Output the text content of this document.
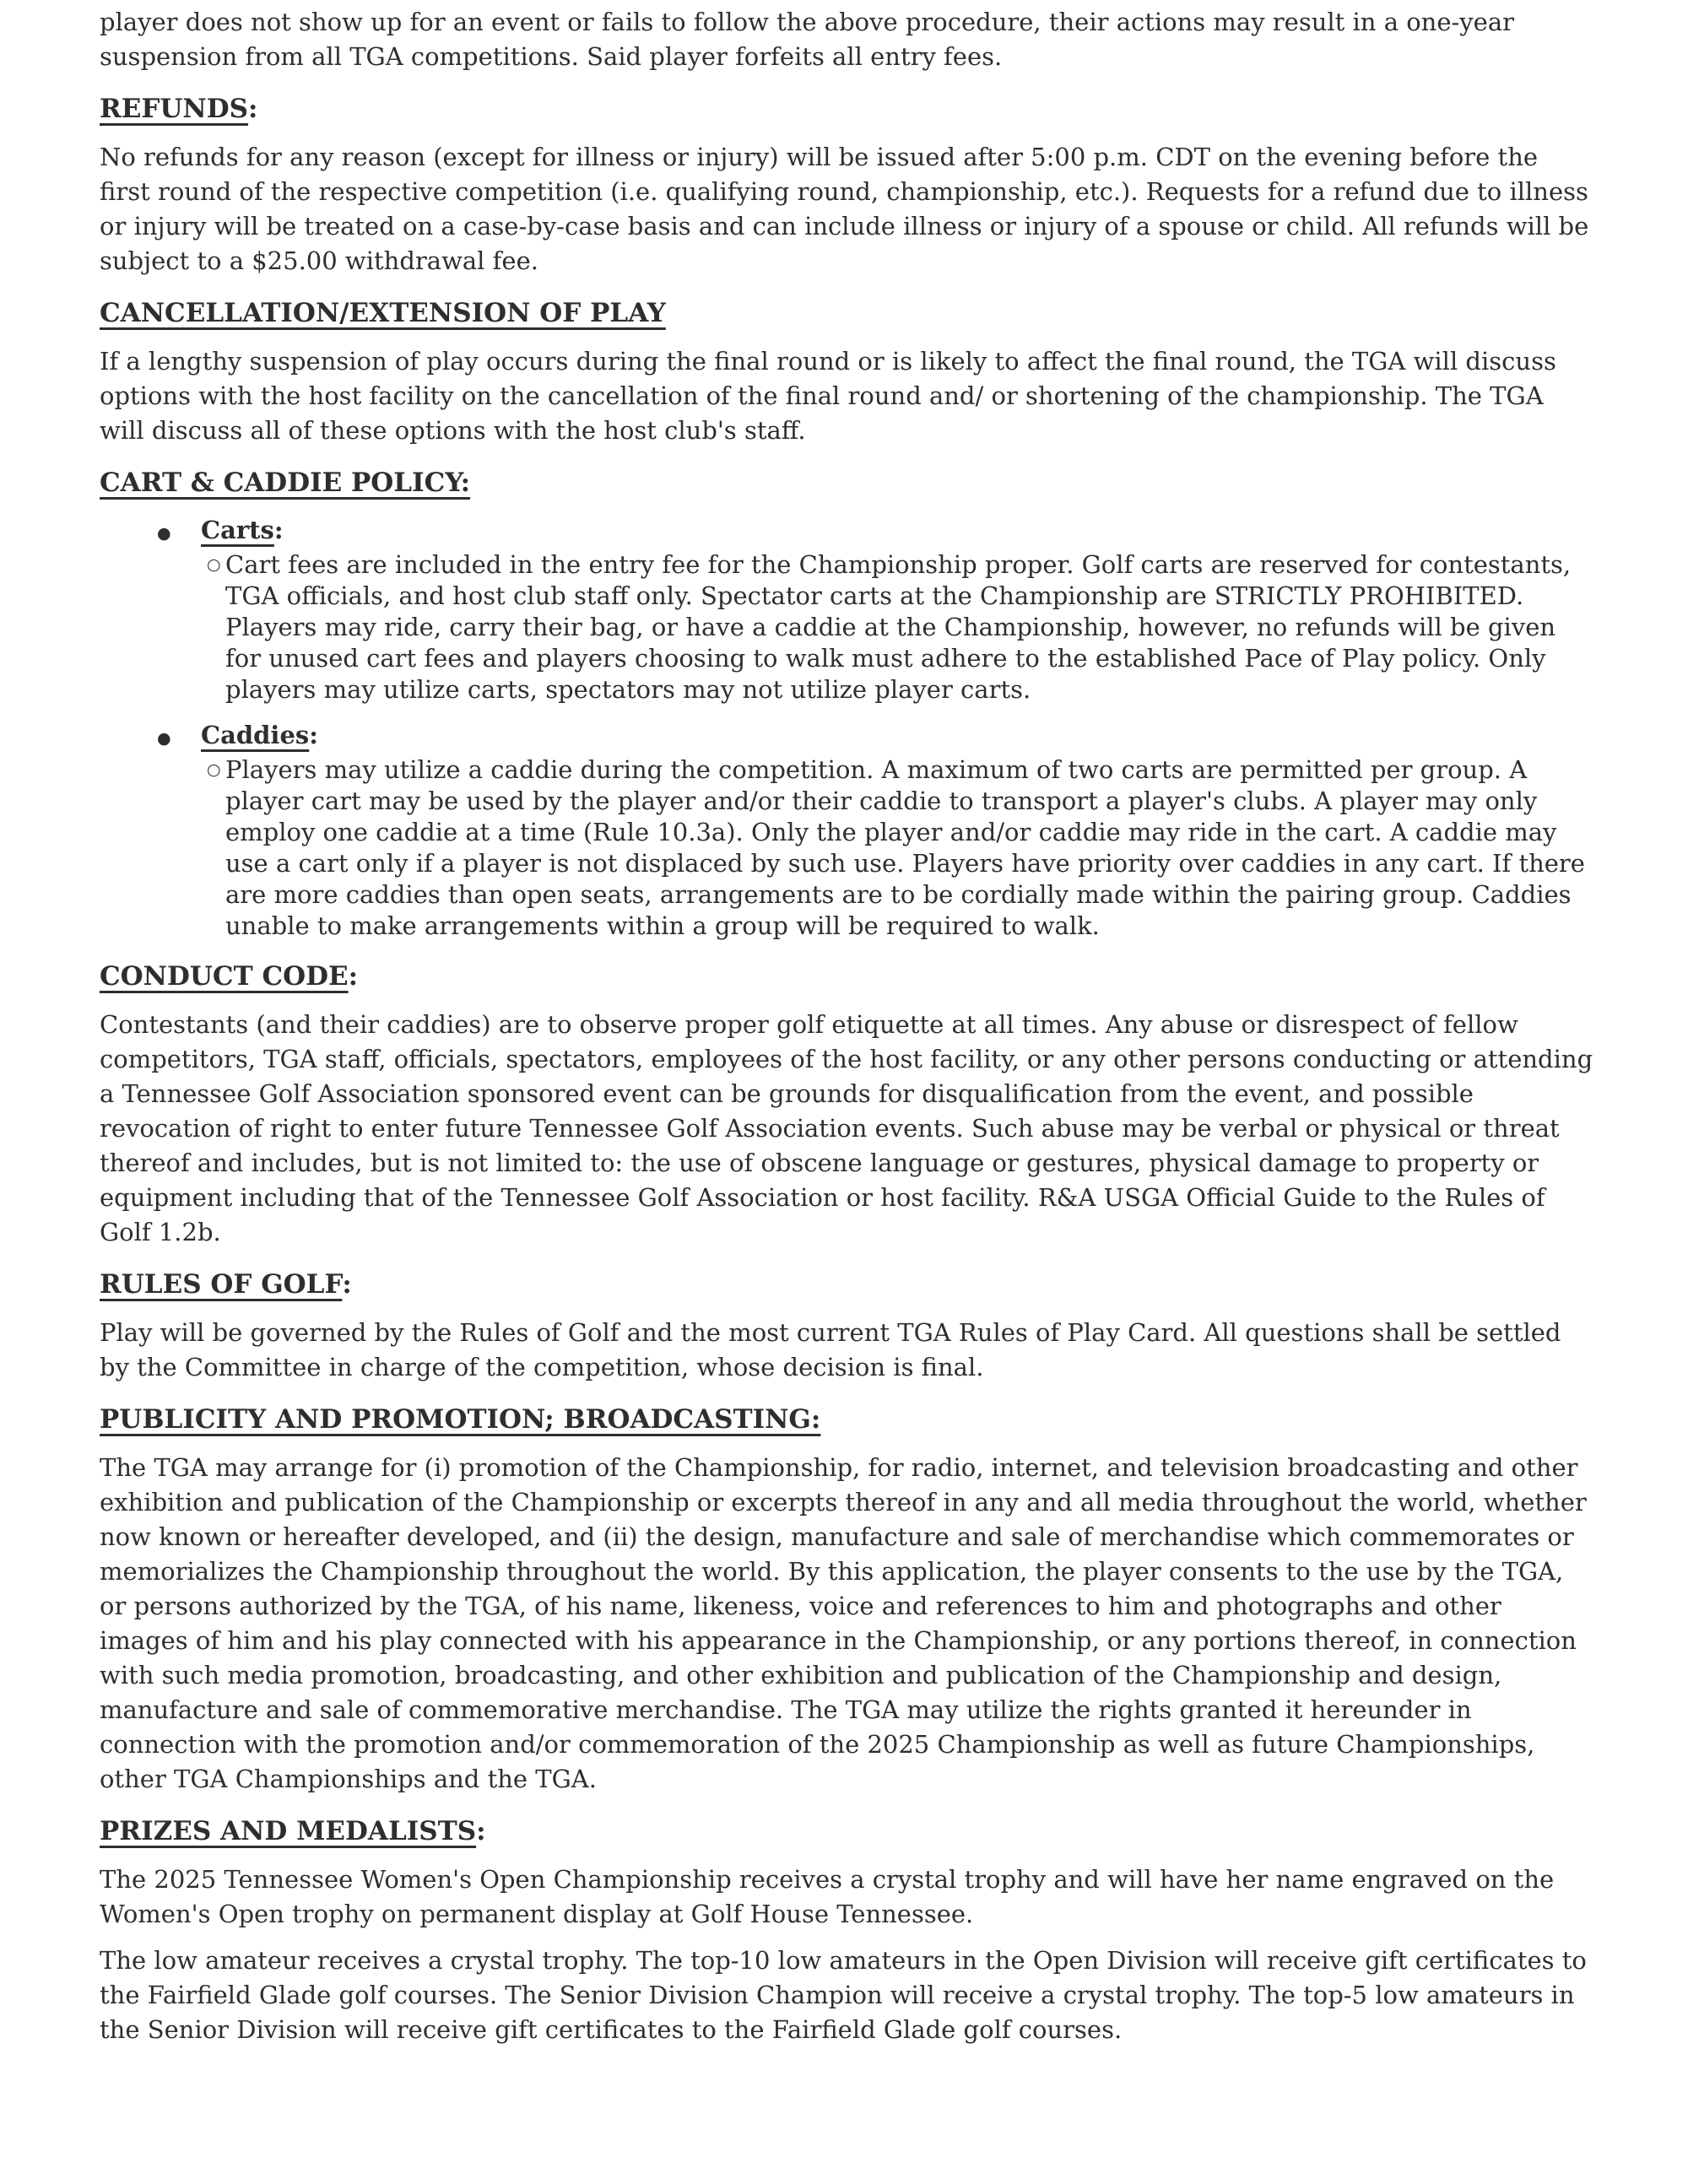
player does not show up for an event or fails to follow the above procedure, their actions may result in a one-year suspension from all TGA competitions. Said player forfeits all entry fees.

REFUNDS:

No refunds for any reason (except for illness or injury) will be issued after 5:00 p.m. CDT on the evening before the first round of the respective competition (i.e. qualifying round, championship, etc.). Requests for a refund due to illness or injury will be treated on a case-by-case basis and can include illness or injury of a spouse or child. All refunds will be subject to a $25.00 withdrawal fee.

CANCELLATION/EXTENSION OF PLAY

If a lengthy suspension of play occurs during the final round or is likely to affect the final round, the TGA will discuss options with the host facility on the cancellation of the final round and/ or shortening of the championship. The TGA will discuss all of these options with the host club's staff.

CART & CADDIE POLICY:
●	Carts:
○ Cart fees are included in the entry fee for the Championship proper. Golf carts are reserved for contestants, TGA officials, and host club staff only. Spectator carts at the Championship are STRICTLY PROHIBITED. Players may ride, carry their bag, or have a caddie at the Championship, however, no refunds will be given for unused cart fees and players choosing to walk must adhere to the established Pace of Play policy. Only players may utilize carts, spectators may not utilize player carts.

●	Caddies:
○ Players may utilize a caddie during the competition. A maximum of two carts are permitted per group. A player cart may be used by the player and/or their caddie to transport a player's clubs. A player may only employ one caddie at a time (Rule 10.3a). Only the player and/or caddie may ride in the cart. A caddie may use a cart only if a player is not displaced by such use. Players have priority over caddies in any cart. If there are more caddies than open seats, arrangements are to be cordially made within the pairing group. Caddies unable to make arrangements within a group will be required to walk.

CONDUCT CODE:

Contestants (and their caddies) are to observe proper golf etiquette at all times. Any abuse or disrespect of fellow competitors, TGA staff, officials, spectators, employees of the host facility, or any other persons conducting or attending a Tennessee Golf Association sponsored event can be grounds for disqualification from the event, and possible revocation of right to enter future Tennessee Golf Association events. Such abuse may be verbal or physical or threat thereof and includes, but is not limited to: the use of obscene language or gestures, physical damage to property or equipment including that of the Tennessee Golf Association or host facility. R&A USGA Official Guide to the Rules of Golf 1.2b.

RULES OF GOLF:

Play will be governed by the Rules of Golf and the most current TGA Rules of Play Card. All questions shall be settled by the Committee in charge of the competition, whose decision is final.

PUBLICITY AND PROMOTION; BROADCASTING:

The TGA may arrange for (i) promotion of the Championship, for radio, internet, and television broadcasting and other exhibition and publication of the Championship or excerpts thereof in any and all media throughout the world, whether now known or hereafter developed, and (ii) the design, manufacture and sale of merchandise which commemorates or memorializes the Championship throughout the world. By this application, the player consents to the use by the TGA, or persons authorized by the TGA, of his name, likeness, voice and references to him and photographs and other images of him and his play connected with his appearance in the Championship, or any portions thereof, in connection with such media promotion, broadcasting, and other exhibition and publication of the Championship and design, manufacture and sale of commemorative merchandise. The TGA may utilize the rights granted it hereunder in connection with the promotion and/or commemoration of the 2025 Championship as well as future Championships, other TGA Championships and the TGA.

PRIZES AND MEDALISTS:

The 2025 Tennessee Women's Open Championship receives a crystal trophy and will have her name engraved on the Women's Open trophy on permanent display at Golf House Tennessee.

The low amateur receives a crystal trophy. The top-10 low amateurs in the Open Division will receive gift certificates to the Fairfield Glade golf courses. The Senior Division Champion will receive a crystal trophy. The top-5 low amateurs in the Senior Division will receive gift certificates to the Fairfield Glade golf courses.
